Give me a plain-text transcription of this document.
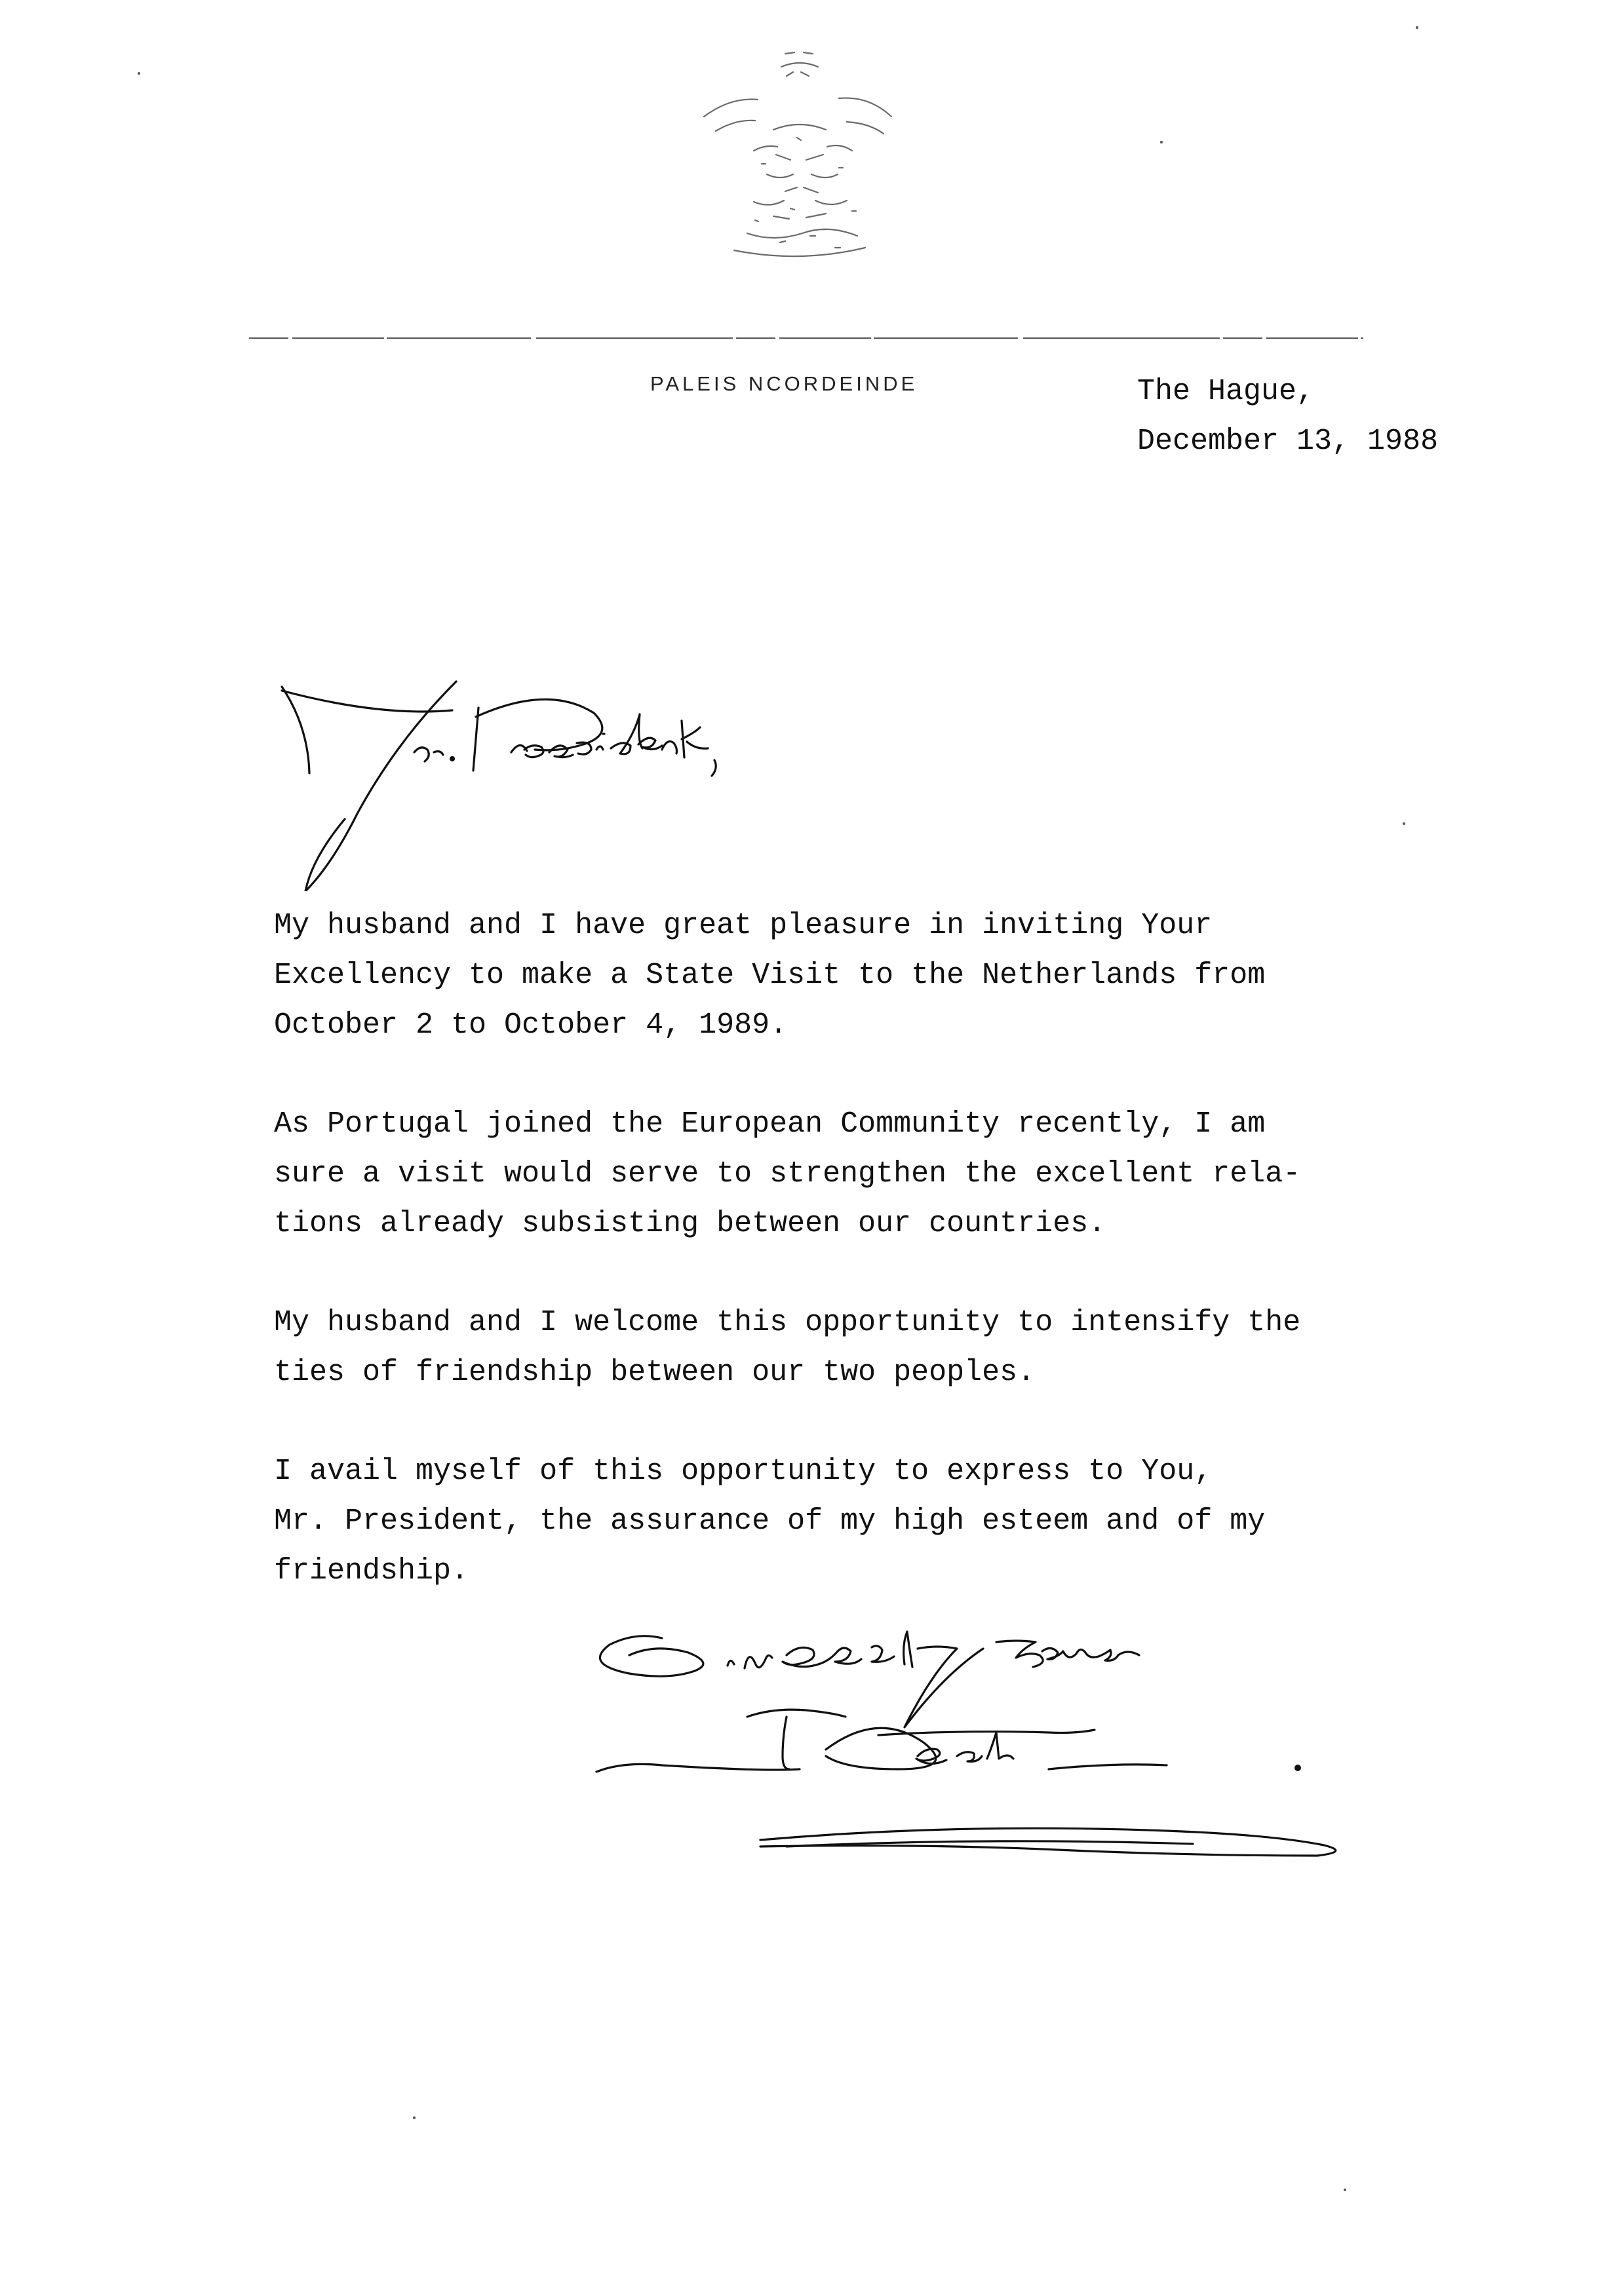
PALEIS NCORDEINDE	The Hague,
December 13, 1988
My husband and I have great pleasure in inviting Your
Excellency to make a State Visit to the Netherlands from
October 2 to October 4, 1989.
As Portugal joined the European Community recently, I am
sure a visit would serve to strengthen the excellent rela-
tions already subsisting between our countries.
My husband and I welcome this opportunity to intensify the
ties of friendship between our two peoples.
I avail myself of this opportunity to express to You,
Mr. President, the assurance of my high esteem and of my
friendship.
